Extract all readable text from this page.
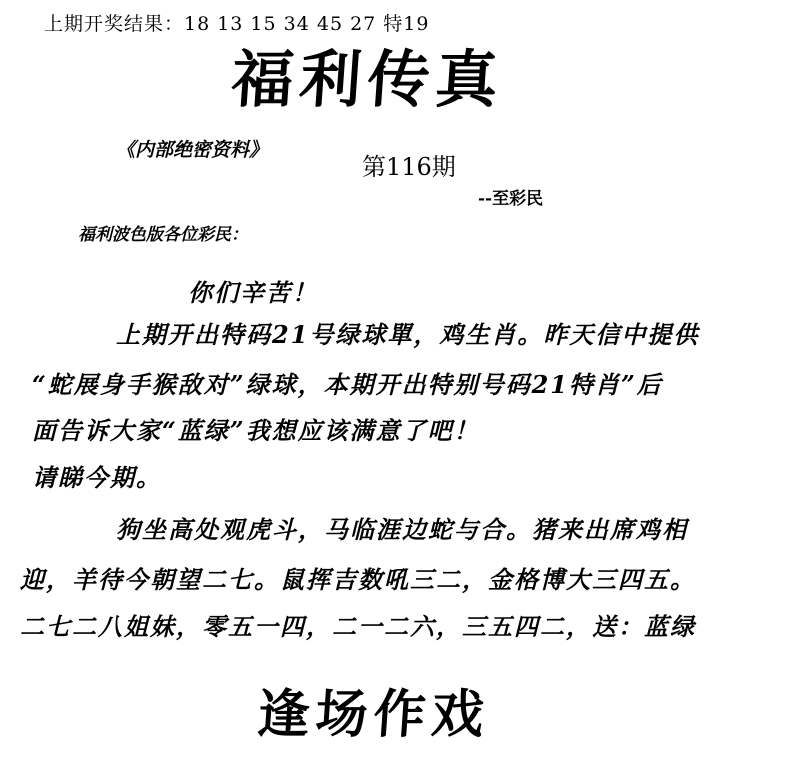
上期开奖结果：18 13 15 34 45 27 特19
福利传真
《内部绝密资料》
第116期
--至彩民
福利波色版各位彩民：
你们辛苦！
上期开出特码21号绿球單，鸡生肖。昨天信中提供
“蛇展身手猴敌对”绿球，本期开出特别号码21特肖”后
面告诉大家“蓝绿”我想应该满意了吧！
请睇今期。
狗坐高处观虎斗，马临涯边蛇与合。猪来出席鸡相
迎，羊待今朝望二七。鼠挥吉数吼三二，金格博大三四五。
二七二八姐妹，零五一四，二一二六，三五四二，送：蓝绿
逢场作戏
